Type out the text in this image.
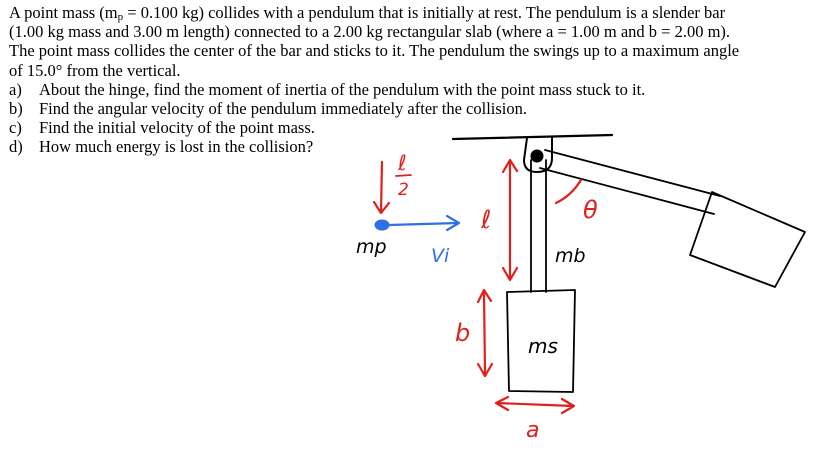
A point mass ($m_p = 0.100$ kg) collides with a pendulum that is initially at rest. The pendulum is a slender bar
(1.00 kg mass and 3.00 m length) connected to a 2.00 kg rectangular slab (where a = 1.00 m and b = 2.00 m).
The point mass collides the center of the bar and sticks to it. The pendulum the swings up to a maximum angle
of 15.0° from the vertical.

a)	About the hinge, find the moment of inertia of the pendulum with the point mass stuck to it.
b) Find the angular velocity of the pendulum immediately after the collision.
c)	Find the initial velocity of the point mass.
d) How much energy is lost in the collision?
ℓ
2
mp Vi
ℓ
mb
θ
b	ms
a
